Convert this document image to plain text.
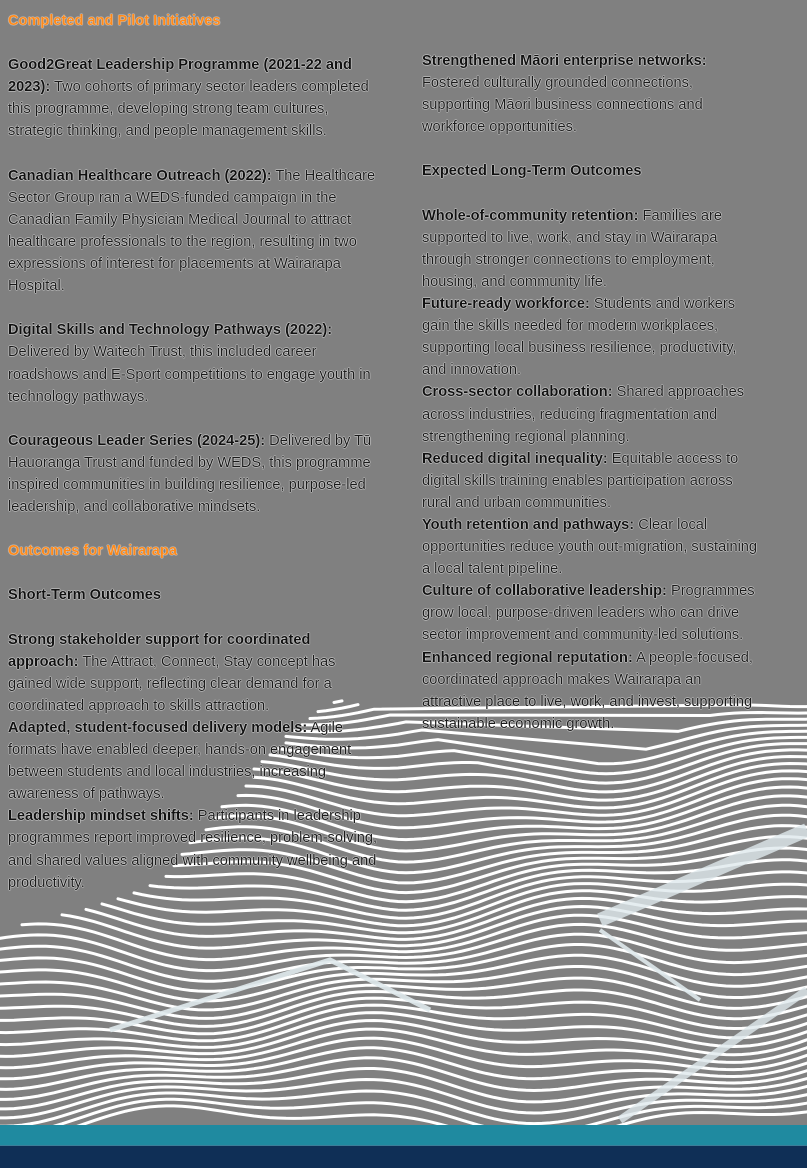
Completed and Pilot Initiatives

Good2Great Leadership Programme (2021-22 and 2023): Two cohorts of primary sector leaders completed this programme, developing strong team cultures, strategic thinking, and people management skills.

Canadian Healthcare Outreach (2022): The Healthcare Sector Group ran a WEDS-funded campaign in the Canadian Family Physician Medical Journal to attract healthcare professionals to the region, resulting in two expressions of interest for placements at Wairarapa Hospital.

Digital Skills and Technology Pathways (2022): Delivered by Waitech Trust, this included career roadshows and E-Sport competitions to engage youth in technology pathways.

Courageous Leader Series (2024-25): Delivered by Tū Hauoranga Trust and funded by WEDS, this programme inspired communities in building resilience, purpose-led leadership, and collaborative mindsets.

Outcomes for Wairarapa

Short-Term Outcomes

Strong stakeholder support for coordinated approach: The Attract, Connect, Stay concept has gained wide support, reflecting clear demand for a coordinated approach to skills attraction.

Adapted, student-focused delivery models: Agile formats have enabled deeper, hands-on engagement between students and local industries, increasing awareness of pathways.

Leadership mindset shifts: Participants in leadership programmes report improved resilience, problem-solving, and shared values aligned with community wellbeing and productivity.

Strengthened Māori enterprise networks: Fostered culturally grounded connections, supporting Māori business connections and workforce opportunities.

Expected Long-Term Outcomes

Whole-of-community retention: Families are supported to live, work, and stay in Wairarapa through stronger connections to employment, housing, and community life.

Future-ready workforce: Students and workers gain the skills needed for modern workplaces, supporting local business resilience, productivity, and innovation.

Cross-sector collaboration: Shared approaches across industries, reducing fragmentation and strengthening regional planning.

Reduced digital inequality: Equitable access to digital skills training enables participation across rural and urban communities.

Youth retention and pathways: Clear local opportunities reduce youth out-migration, sustaining a local talent pipeline.

Culture of collaborative leadership: Programmes grow local, purpose-driven leaders who can drive sector improvement and community-led solutions.

Enhanced regional reputation: A people-focused, coordinated approach makes Wairarapa an attractive place to live, work, and invest, supporting sustainable economic growth.
